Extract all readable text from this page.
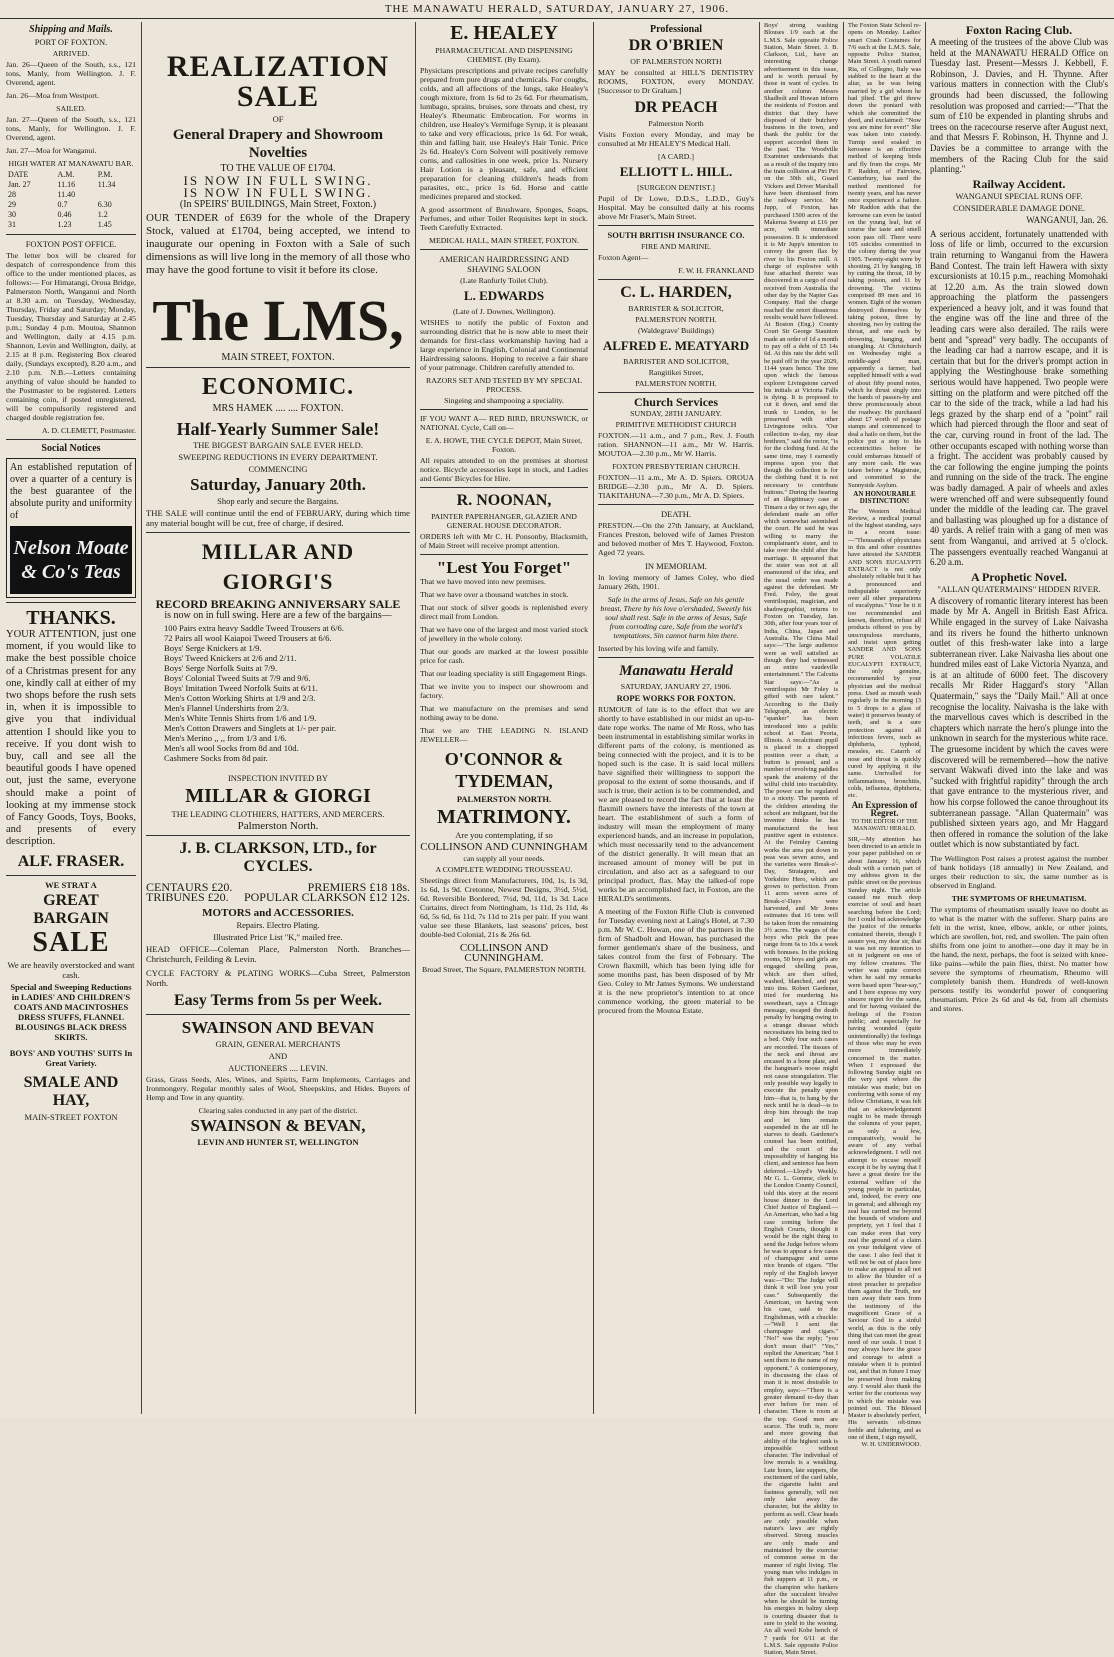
THE MANAWATU HERALD, SATURDAY, JANUARY 27, 1906.
Shipping and Mails.
PORT OF FOXTON.
ARRIVED.
Jan. 26—Queen of the South, s.s., 121 tons, Manly, from Wellington. J. F. Overend, agent.
Jan. 26—Moa from Westport.
SAILED.
Jan. 27—Queen of the South, s.s., 121 tons, Manly, for Wellington. J. F. Overend, agent.
Jan. 27—Moa for Wanganui.
HIGH WATER AT MANAWATU BAR.
DATE	A.M.	P.M.
Jan. 27	11.16	11.34
28	11.40	
29	0.7	6.30
30	0.46	1.2
31	1.23	1.45
FOXTON POST OFFICE.
The letter box will be cleared for despatch of correspondence from this office to the under mentioned places, as follows:— For Himatangi, Oroua Bridge, Palmerston North, Wanganui and North at 8.30 a.m. on Tuesday, Wednesday, Thursday, Friday and Saturday; Monday, Tuesday, Thursday and Saturday at 2.45 p.m.; Sunday 4 p.m. Moutoa, Shannon and Wellington, daily at 4.15 p.m. Shannon, Levin and Wellington, daily, at 2.15 at 8 p.m. Registering Box cleared daily, (Sundays excepted), 8.20 a.m., and 2.10 p.m. N.B.—Letters containing anything of value should be handed to the Postmaster to be registered. Letters containing coin, if posted unregistered, will be compulsorily registered and charged double registration fee.
A. D. CLEMETT, Postmaster.
Social Notices
An established reputation of over a quarter of a century is the best guarantee of the absolute purity and uniformity of
Nelson Moate & Co's Teas
THANKS.
YOUR ATTENTION, just one moment, if you would like to make the best possible choice of a Christmas present for any one, kindly call at either of my two shops before the rush sets in, when it is impossible to give you that individual attention I should like you to receive. If you dont wish to buy, call and see all the beautiful goods I have opened out, just the same, everyone should make a point of looking at my immense stock of Fancy Goods, Toys, Books, and presents of every description.
ALF. FRASER.
WE STRAT A
GREAT BARGAIN
SALE
We are heavily overstocked and want cash.
Special and Sweeping Reductions in LADIES' AND CHILDREN'S COATS AND MACINTOSHES DRESS STUFFS, FLANNEL BLOUSINGS BLACK DRESS SKIRTS.
BOYS' AND YOUTHS' SUITS In Great Variety.
SMALE AND HAY,
MAIN-STREET FOXTON
REALIZATION SALE
OF
General Drapery and Showroom Novelties
TO THE VALUE OF £1704.
IS NOW IN FULL SWING.
IS NOW IN FULL SWING.
(In SPEIRS' BUILDINGS, Main Street, Foxton.)
OUR TENDER of £639 for the whole of the Drapery Stock, valued at £1704, being accepted, we intend to inaugurate our opening in Foxton with a Sale of such dimensions as will live long in the memory of all those who may have the good fortune to visit it before its close.
The LMS,
MAIN STREET, FOXTON.
ECONOMIC.
MRS HAMEK .... .... FOXTON.
Half-Yearly Summer Sale!
THE BIGGEST BARGAIN SALE EVER HELD.
SWEEPING REDUCTIONS IN EVERY DEPARTMENT.
COMMENCING
Saturday, January 20th.
Shop early and secure the Bargains.
THE SALE will continue until the end of FEBRUARY, during which time any material bought will be cut, free of charge, if desired.
MILLAR AND GIORGI'S
RECORD BREAKING ANNIVERSARY SALE
is now on in full swing. Here are a few of the bargains—
100 Pairs extra heavy Saddle Tweed Trousers at 6/6.
72 Pairs all wool Kaiapoi Tweed Trousers at 6/6.
Boys' Serge Knickers at 1/9.
Boys' Tweed Knickers at 2/6 and 2/11.
Boys' Serge Norfolk Suits at 7/9.
Boys' Colonial Tweed Suits at 7/9 and 9/6.
Boys' Imitation Tweed Norfolk Suits at 6/11.
Men's Cotton Working Shirts at 1/9 and 2/3.
Men's Flannel Undershirts from 2/3.
Men's White Tennis Shirts from 1/6 and 1/9.
Men's Cotton Drawers and Singlets at 1/- per pair.
Men's Merino ,, ,, from 1/3 and 1/6.
Men's all wool Socks from 8d and 10d.
Cashmere Socks from 8d pair.
INSPECTION INVITED BY
MILLAR & GIORGI
THE LEADING CLOTHIERS, HATTERS, AND MERCERS.
Palmerston North.
J. B. CLARKSON, LTD., for CYCLES.
CENTAURS £20.	PREMIERS £18 18s.
TRIBUNES £20. POPULAR CLARKSON £12 12s.
MOTORS and ACCESSORIES.
Repairs. Electro Plating.
Illustrated Price List "K," mailed free.
HEAD OFFICE—Coleman Place, Palmerston North. Branches—Christchurch, Feilding & Levin.
CYCLE FACTORY & PLATING WORKS—Cuba Street, Palmerston North.
Easy Terms from 5s per Week.
SWAINSON AND BEVAN
GRAIN, GENERAL MERCHANTS
AND
AUCTIONEERS .... LEVIN.
Grass, Grass Seeds, Ales, Wines, and Spirits, Farm Implements, Carriages and Ironmongery. Regular monthly sales of Wool, Sheepskins, and Hides. Buyers of Hemp and Tow in any quantity.
Clearing sales conducted in any part of the district.
SWAINSON & BEVAN,
LEVIN AND HUNTER ST, WELLINGTON
E. HEALEY
PHARMACEUTICAL AND DISPENSING CHEMIST. (By Exam).
Physicians prescriptions and private recipes carefully prepared from pure drugs and chemicals. For coughs, colds, and all affections of the lungs, take Healey's cough mixture, from 1s 6d to 2s 6d. For rheumatism, lumbago, sprains, bruises, sore throats and chest, try Healey's Rheumatic Embrocation. For worms in children, use Healey's Vermifuge Syrup, it is pleasant to take and very efficacious, price 1s 6d. For weak, thin and falling hair, use Healey's Hair Tonic. Price 2s 6d. Healey's Corn Solvent will positively remove corns, and callosities in one week, price 1s. Nursery Hair Lotion is a pleasant, safe, and efficient preparation for cleaning children's heads from parasites, etc., price 1s 6d. Horse and cattle medicines prepared and stocked.
A good assortment of Brushware, Sponges, Soaps, Perfumes, and other Toilet Requisites kept in stock. Teeth Carefully Extracted.
MEDICAL HALL, MAIN STREET, FOXTON.
AMERICAN HAIRDRESSING AND SHAVING SALOON
(Late Ranfurly Toilet Club).
L. EDWARDS
(Late of J. Downes, Wellington).
WISHES to notify the public of Foxton and surrounding district that he is now able to meet their demands for first-class workmanship having had a large experience in English, Colonial and Continental Hairdressing saloons. Hoping to receive a fair share of your patronage. Children carefully attended to.
RAZORS SET AND TESTED BY MY SPECIAL PROCESS.
Singeing and shampooing a speciality.
IF YOU WANT A— RED BIRD, BRUNSWICK, or NATIONAL Cycle, Call on—
E. A. HOWE, THE CYCLE DEPOT, Main Street, Foxton.
All repairs attended to on the premises at shortest notice. Bicycle accessories kept in stock, and Ladies and Gents' Bicycles for Hire.
R. NOONAN,
PAINTER PAPERHANGER, GLAZIER AND GENERAL HOUSE DECORATOR.
ORDERS left with Mr C. H. Ponsonby, Blacksmith, of Main Street will receive prompt attention.
"Lest You Forget"
That we have moved into new premises.
That we have over a thousand watches in stock.
That our stock of silver goods is replenished every direct mail from London.
That we have one of the largest and most varied stock of jewellery in the whole colony.
That our goods are marked at the lowest possible price for cash.
That our leading speciality is still Engagement Rings.
That we invite you to inspect our showroom and factory.
That we manufacture on the premises and send nothing away to be done.
That we are THE LEADING N. ISLAND JEWELLER—
O'CONNOR & TYDEMAN,
PALMERSTON NORTH.
MATRIMONY.
Are you contemplating, if so
COLLINSON AND CUNNINGHAM
can supply all your needs.
A COMPLETE WEDDING TROUSSEAU.
Sheetings direct from Manufacturers, 10d, 1s, 1s 3d, 1s 6d, 1s 9d. Cretonne, Newest Designs, 3½d, 5½d, 6d. Reversible Bordered, 7½d, 9d, 11d, 1s 3d. Lace Curtains, direct from Nottingham, 1s 11d, 2s 11d, 4s 6d, 5s 6d, 6s 11d, 7s 11d to 21s per pair. If you want value see these Blankets, last seasons' prices, best double-bed Colonial, 21s & 26s 6d.
COLLINSON AND CUNNINGHAM.
Broad Street, The Square, PALMERSTON NORTH.
Professional
DR O'BRIEN
OF PALMERSTON NORTH
MAY be consulted at HILL'S DENTISTRY ROOMS, FOXTON, every MONDAY. [Successor to Dr Graham.]
DR PEACH
Palmerston North
Visits Foxton every Monday, and may be consulted at Mr HEALEY'S Medical Hall.
[A CARD.]
ELLIOTT L. HILL.
[SURGEON DENTIST.]
Pupil of Dr Lowe, D.D.S., L.D.D., Guy's Hospital. May be consulted daily at his rooms above Mr Fraser's, Main Street.
SOUTH BRITISH INSURANCE CO.
FIRE AND MARINE.
Foxton Agent—
F. W. H. FRANKLAND
C. L. HARDEN,
BARRISTER & SOLICITOR,
PALMERSTON NORTH.
(Waldegrave' Buildings)
ALFRED E. MEATYARD
BARRISTER AND SOLICITOR,
Rangitikei Street,
PALMERSTON NORTH.
Church Services
SUNDAY, 28TH JANUARY.
PRIMITIVE METHODIST CHURCH
FOXTON.—11 a.m., and 7 p.m., Rev. J. Fouth ration. SHANNON—11 a.m., Mr W. Harris. MOUTOA—2.30 p.m., Mr W. Harris.
FOXTON PRESBYTERIAN CHURCH.
FOXTON—11 a.m., Mr A. D. Spiers. OROUA BRIDGE—2.30 p.m., Mr A. D. Spiers. TIAKITAHUNA—7.30 p.m., Mr A. D. Spiers.
DEATH.
PRESTON.—On the 27th January, at Auckland, Frances Preston, beloved wife of James Preston and beloved mother of Mrs T. Haywood, Foxton. Aged 72 years.
IN MEMORIAM.
In loving memory of James Coley, who died January 26th, 1901.
Safe in the arms of Jesus, Safe on his gentle breast, There by his love o'ershaded, Sweetly his soul shall rest. Safe in the arms of Jesus, Safe from corroding care, Safe from the world's temptations, Sin cannot harm him there.
Inserted by his loving wife and family.
Manawatu Herald
SATURDAY, JANUARY 27, 1906.
ROPE WORKS FOR FOXTON.
RUMOUR of late is to the effect that we are shortly to have established in our midst an up-to-date rope works. The name of Mr Ross, who has been instrumental in establishing similar works in different parts of the colony, is mentioned as being connected with the project, and it is to be hoped such is the case. It is said local millers have signified their willingness to support the proposal to the extent of some thousands, and if such is true, their action is to be commended, and we are pleased to record the fact that at least the flaxmill owners have the interests of the town at heart. The establishment of such a form of industry will mean the employment of many experienced hands, and an increase in population, which must necessarily tend to the advancement of the district generally. It will mean that an increased amount of money will be put in circulation, and also act as a safeguard to our principal product, flax. May the talked-of rope works be an accomplished fact, in Foxton, are the HERALD's sentiments.
A meeting of the Foxton Rifle Club is convened for Tuesday evening next at Laing's Hotel, at 7.30 p.m. Mr W. C. Howan, one of the partners in the firm of Shadbolt and Howan, has purchased the former gentleman's share of the business, and takes control from the first of February. The Crown flaxmill, which has been lying idle for some months past, has been disposed of by Mr Geo. Coley to Mr James Symons. We understand it is the new proprietor's intention to at once commence working, the green material to be procured from the Moutoa Estate.
Boys' strong washing Blouses 1/9 each at the L.M.S. Sale opposite Police Station, Main Street. J. B. Clarkson, Ltd., have an interesting change advertisement in this issue, and is worth perusal by those in want of cycles. In another column Messrs Shadbolt and Howan inform the residents of Foxton and district that they have disposed of their butchery business in the town, and thank the public for the support accorded them in the past. The Woodville Examiner understands that as a result of the inquiry into the train collision at Piri Piri on the 30th ult., Guard Vickers and Driver Marshall have been dismissed from the railway service. Mr Jupp, of Foxton, has purchased 1500 acres of the Makerua Swamp at £16 per acre, with immediate possession. It is understood it is Mr Jupp's intention to convey the green flax by river to his Foxton mill. A charge of explosive with fuse attached thereto was discovered in a cargo of coal received from Australia the other day by the Napier Gas Company. Had the charge reached the retort disastrous results would have followed. At Boston (Eng.) County Court Sir George Staunton made an order of 1d a month to pay off a debt of £5 14s 6d. At this rate the debt will be paid off in the year 2029, 1144 years hence. The tree upon which the famous explorer Livingstone carved his initials at Victoria Falls is dying. It is proposed to cut it down, and send the trunk to London, to be preserved with other Livingstone relics. "Our collection to-day, my dear brethren," said the rector, "is for the clothing fund. At the same time, may I earnestly impress upon you that though the collection is for the clothing fund it is not necessary to contribute buttons." During the hearing of an illegitimacy case at Timaru a day or two ago, the defendant made an offer which somewhat astonished the court. He said he was willing to marry the complainant's sister, and to take over the child after the marriage. It appeared that the sister was not at all enamoured of the idea, and the usual order was made against the defendant. Mr Fred. Foley, the great ventriloquist, magician, and shadowgraphist, returns to Foxton on Tuesday, Jan. 30th, after four years tour of India, China, Japan and Australia. The China Mail says:—"The large audience were as well satisfied as though they had witnessed an entire vaudeville entertainment." The Calcutta Star says:—"As a ventriloquist Mr Foley is gifted with rare talent." According to the Daily Telegraph, an electric "spanker" has been introduced into a public school at East Peoria, Illinois. A recalcitrant pupil is placed in a chopped position over a chair, a button is pressed, and a number of revolving paddles spank the anatomy of the wilful child into tractability. The power can be regulated to a nicety. The parents of the children attending the school are indignant, but the inventor thinks he has manufactured the best punitive agent in existence. At the Feimley Canning works the area put down in peas was seven acres, and the varieties were Break-o'-Day, Stratagem, and Yorkshire Hero, which are grown to perfection. From 11 acres seven acres of Break-o'-Days were harvested, and Mr Jones estimates that 16 tons will be taken from the remaining 3½ acres. The wages of the boys who pick the peas range from 6s to 10s a week with bonuses. In the picking rooms, 50 boys and girls are engaged shelling peas, which are then sifted, washed, blanched, and put into tins. Robert Gardener, tried for murdering his sweetheart, says a Chicago message, escaped the death penalty by hanging owing to a strange disease which necessitates his being tied to a bed. Only four such cases are recorded. The tissues of the neck and throat are encased in a bone plate, and the hangman's noose might not cause strangulation. The only possible way legally to execute the penalty upon him—that is, to hang by the neck until he is dead—is to drop him through the trap and let him remain suspended in the air till he starves to death. Gardener's counsel has been notified, and the court of the impossibility of hanging his client, and sentence has been deferred.—Lloyd's Weekly. Mr G. L. Gomme, clerk to the London County Council, told this story at the recent house dinner to the Lord Chief Justice of England.—An American, who had a big case coming before the English Courts, thought it would be the right thing to send the Judge before whom he was to appear a few cases of champagne and some nice brands of cigars. "The reply of the English lawyer was:—"Do: The Judge will think it will lose you your case." Subsequently the American, on having won his case, said to the Englishman, with a chuckle:—"Well I sent the champagne and cigars." "No!" was the reply; "you don't mean that!" "Yes," replied the American; "but I sent them in the name of my opponent." A contemporary, in discussing the class of man it is most desirable to employ, says:—"There is a greater demand to-day than ever before for men of character. There is room at the top. Good men are scarce. The truth is, more and more growing that ability of the highest rank is impossible without character. The individual of low morals is a weakling. Late hours, late suppers, the excitement of the card table, the cigarette habit and fastness generally, will not only take away the character, but the ability to perform as well. Clear heads are only possible when nature's laws are rightly observed. Strong muscles are only made and maintained by the exercise of common sense in the manner of right living. The young man who indulges in fish suppers at 11 p.m., or the champion who hankers after the succulent bivalve when he should be turning his energies in balmy sleep is courting disaster that is sure to yield to the wooing. An all wool Kobe bench of 7 yards for 6/11 at the L.M.S. Sale opposite Police Station, Main Street.
The Foxton State School re-opens on Monday. Ladies' smart Crash Costumes for 7/6 each at the L.M.S. Sale, opposite Police Station, Main Street. A youth named Ria, of Collegno, Italy was stabbed to the heart at the altar, as he was being married by a girl whom he had jilted. The girl threw down the poniard with which she committed the deed, and exclaimed: "Now you are mine for ever!" She was taken into custody. Turnip seed soaked in kerosene is an effective method of keeping birds and fly from the crops. Mr F. Raddon, of Fairview, Canterbury, has used the method mentioned for twenty years, and has never once experienced a failure. Mr Raddon adds that the kerosene can even be tasted on the young leaf, but of course the taste and smell soon pass off. There were 105 suicides committed in the colony during the year 1905. Twenty-eight were by shooting, 21 by hanging, 18 by cutting the throat, 18 by taking poison, and 11 by drowning. The victims comprised 89 men and 16 women. Eight of the women destroyed themselves by taking poison, three by shooting, two by cutting the throat, and one each by drowning, hanging, and strangling. At Christchurch on Wednesday night a middle-aged man, apparently a farmer, had supplied himself with a wad of about fifty pound notes, which he thrust singly into the hands of passers-by and threw promiscuously about the roadway. He purchased about £7 worth of postage stamps and commenced to deal a hailo on them, but the police put a stop to his eccentricities before he could embarrass himself of any more cash. He was taken before a Magistrate, and committed to the Sunnyside Asylum.
AN HONOURABLE DISTINCTION!
The Western Medical Review, a medical journal of the highest standing, says in a recent issue:—"Thousands of physicians in this and other countries have attested the SANDER AND SONS EUCALYPTI EXTRACT is not only absolutely reliable but it has a pronounced and indisputable superiority over all other preparations of eucalyptus." Your be it it too recommended and known, therefore, refuse all products offered to you by unscrupulous merchants, and insist upon getting SANDER AND SONS PURE VOLATILE EUCALYPTI EXTRACT, the only genuine, recommended by your physician and the medical press. Used as mouth wash regularly in the morning (3 to 5 drops to a glass of water) it preserves beauty of teeth, and is a sure protection against all infectious fevers, such as diphtheria, typhoid, measles, etc. Catarrh of nose and throat is quickly cured by applying it the same. Unrivalled for inflammations, bronchitis, colds, influenza, diphtheria, etc.
An Expression of Regret.
TO THE EDITOR OF THE MANAWATU HERALD.
SIR,—My attention has been directed to an article in your paper published on or about January 16, which dealt with a certain part of my address given in the public street on the previous Sunday night. The article caused me much deep exercise of soul and heart searching before the Lord; for I could but acknowledge the justice of the remarks contained therein, though I assure you, my dear sir, that it was not my intention to sit in judgment on one of my fellow creatures. The writer was quite correct when he said my remarks were based upon "hear-say," and I here express my very sincere regret for the same, and for having violated the feelings of the Foxton public; and especially for having wounded (quite unintentionally) the feelings of those who may be even more immediately concerned in the matter. When I expressed the following Sunday night on the very spot where the mistake was made; but on conferring with some of my fellow Christians, it was felt that an acknowledgement ought to be made through the columns of your paper, as only a few, comparatively, would be aware of any verbal acknowledgment. I will not attempt to excuse myself except it be by saying that I have a great desire for the external welfare of the young people in particular, and, indeed, for every one in general; and although my zeal has carried me beyond the bounds of wisdom and propriety, yet I feel that I can make even that very zeal the ground of a claim on your indulgent view of the case. I also feel that it will not be out of place here to make an appeal to all not to allow the blunder of a street preacher to prejudice them against the Truth, nor turn away their ears from the testimony of the magnificent Grace of a Saviour God to a sinful world, as this is the only thing that can meet the great need of our souls. I trust I may always have the grace and courage to admit a mistake when it is pointed out, and that in future I may be preserved from making any. I would also thank the writer for the courteous way in which the mistake was pointed out. The Blessed Master is absolutely perfect, His servants oft-times feeble and faltering, and as one of them, I sign myself,
W. H. UNDERWOOD.
Foxton Racing Club.
A meeting of the trustees of the above Club was held at the MANAWATU HERALD Office on Tuesday last. Present—Messrs J. Kebbell, F. Robinson, J. Davies, and H. Thynne. After various matters in connection with the Club's grounds had been discussed, the following resolution was proposed and carried:—"That the sum of £10 be expended in planting shrubs and trees on the racecourse reserve after August next, and that Messrs F. Robinson, H. Thynne and J. Davies be a committee to arrange with the members of the Racing Club for the said planting."
Railway Accident.
WANGANUI SPECIAL RUNS OFF.
CONSIDERABLE DAMAGE DONE.
WANGANUI, Jan. 26.
A serious accident, fortunately unattended with loss of life or limb, occurred to the excursion train returning to Wanganui from the Hawera Band Contest. The train left Hawera with sixty excursionists at 10.15 p.m., reaching Momohaki at 12.20 a.m. As the train slowed down approaching the platform the passengers experienced a heavy jolt, and it was found that the engine was off the line and three of the leading cars were also derailed. The rails were bent and "spread" very badly. The occupants of the leading car had a narrow escape, and it is certain that but for the driver's prompt action in applying the Westinghouse brake something serious would have happened. Two people were sitting on the platform and were pitched off the car to the side of the track, while a lad had his legs grazed by the sharp end of a "point" rail which had pierced through the floor and seat of the car, curving round in front of the lad. The other occupants escaped with nothing worse than a fright. The accident was probably caused by the car following the engine jumping the points and running on the side of the track. The engine was badly damaged. A pair of wheels and axles were wrenched off and were subsequently found under the middle of the leading car. The gravel and ballasting was ploughed up for a distance of 40 yards. A relief train with a gang of men was sent from Wanganui, and arrived at 5 o'clock. The passengers eventually reached Wanganui at 6.20 a.m.
A Prophetic Novel.
"ALLAN QUATERMAINS" HIDDEN RIVER.
A discovery of romantic literary interest has been made by Mr A. Angell in British East Africa. While engaged in the survey of Lake Naivasha and its rivers he found the hitherto unknown outlet of this fresh-water lake into a large subterranean river. Lake Naivasha lies about one hundred miles east of Lake Victoria Nyanza, and is at an altitude of 6000 feet. The discovery recalls Mr Rider Haggard's story "Allan Quatermain," says the "Daily Mail." All at once recognise the locality. Naivasha is the lake with the marvellous caves which is described in the chapters which narrate the hero's plunge into the unknown in search for the mysterious white race. The gruesome incident by which the caves were discovered will be remembered—how the native servant Wakwafi dived into the lake and was "sucked with frightful rapidity" through the arch that gave entrance to the mysterious river, and how his corpse followed the canoe throughout its subterranean passage. "Allan Quatermain" was published sixteen years ago, and Mr Haggard then offered in romance the solution of the lake outlet which is now substantiated by fact.
The Wellington Post raises a protest against the number of bank holidays (18 annually) in New Zealand, and urges their reduction to six, the same number as is observed in England.
THE SYMPTOMS OF RHEUMATISM.
The symptoms of rheumatism usually leave no doubt as to what is the matter with the sufferer. Sharp pains are felt in the wrist, knee, elbow, ankle, or other joints, which are swollen, hot, red, and swollen. The pain often shifts from one joint to another—one day it may be in the hand, the next, perhaps, the foot is seized with knee-like pains—while the pain flies, thirst. No matter how severe the symptoms of rheumatism, Rheumo will completely banish them. Hundreds of well-known persons testify its wonderful power of conquering rheumatism. Price 2s 6d and 4s 6d, from all chemists and stores.
